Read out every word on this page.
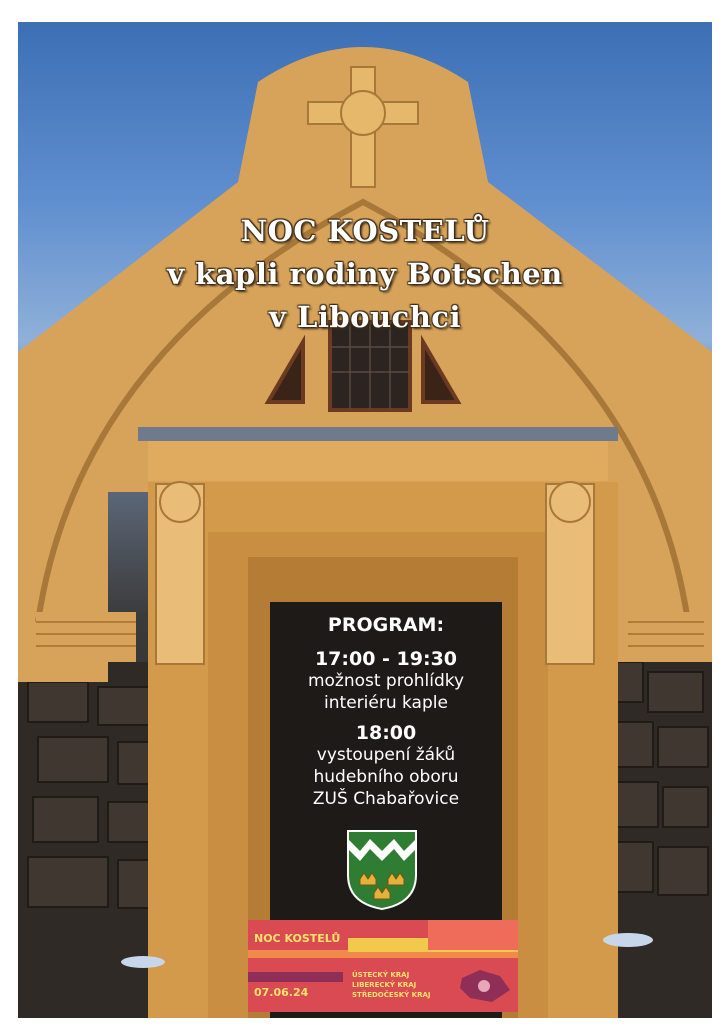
NOC KOSTELŮ
v kapli rodiny Botschen
v Libouchci
PROGRAM:
17:00 - 19:30
možnost prohlídky
interiéru kaple
18:00
vystoupení žáků
hudebního oboru
ZUŠ Chabařovice
NOC KOSTELŮ
ÚSTECKÝ KRAJ
LIBERECKÝ KRAJ
STŘEDOČESKÝ KRAJ
07.06.24
